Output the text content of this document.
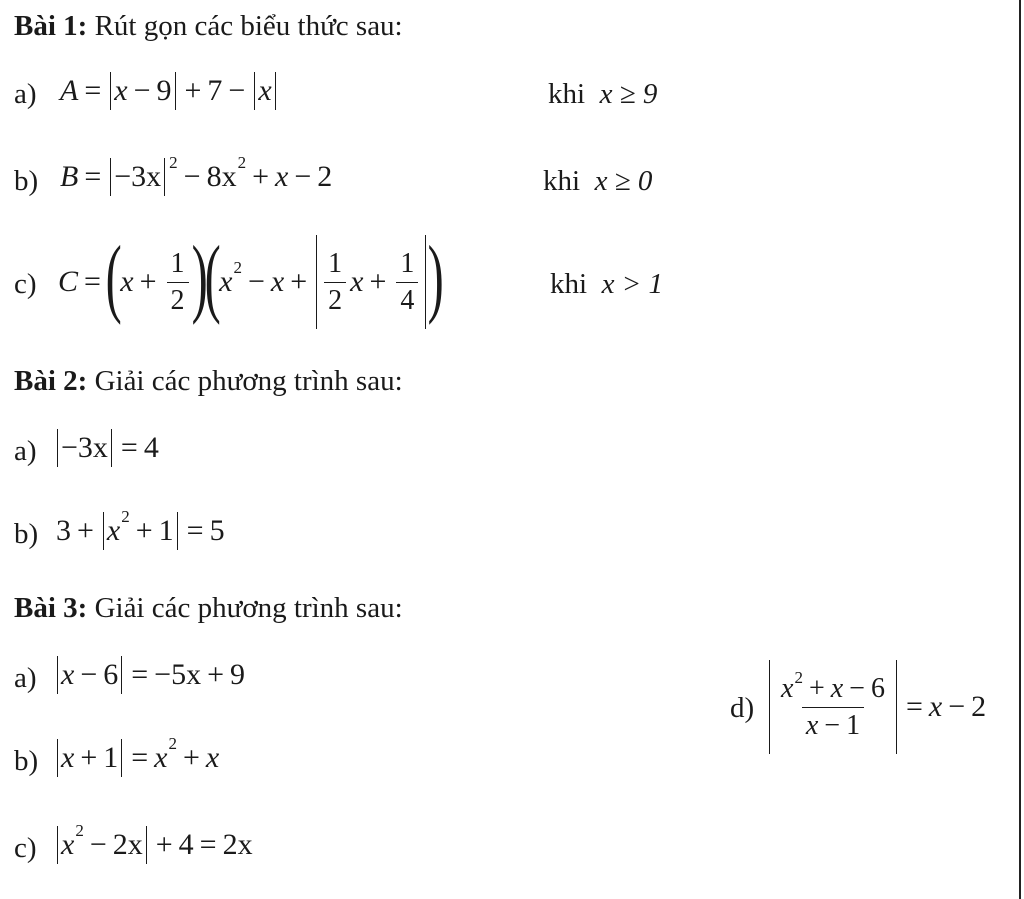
Bài 1: Rút gọn các biểu thức sau:
a) A = x − 9 + 7 − x	khi x ≥ 9
b) B = −3x 2 − 8x 2 + x − 2	khi x ≥ 0
c) C = (
$x + \frac{1}{2}$ )
(
x $2 - x + \frac{1}{2}$ $x + \frac{1}{4}$ )	khi x > 1
Bài 2: Giải các phương trình sau:
a) −3x = 4
b) 3 + x 2 + 1 = 5
Bài 3: Giải các phương trình sau:
a) x − 6 = −5x + 9
b) x + 1 = x 2 + x
c) x 2 − 2x + 4 = 2x
$d) \frac{x^2 + x - 6}{x - 1} = x - 2$
